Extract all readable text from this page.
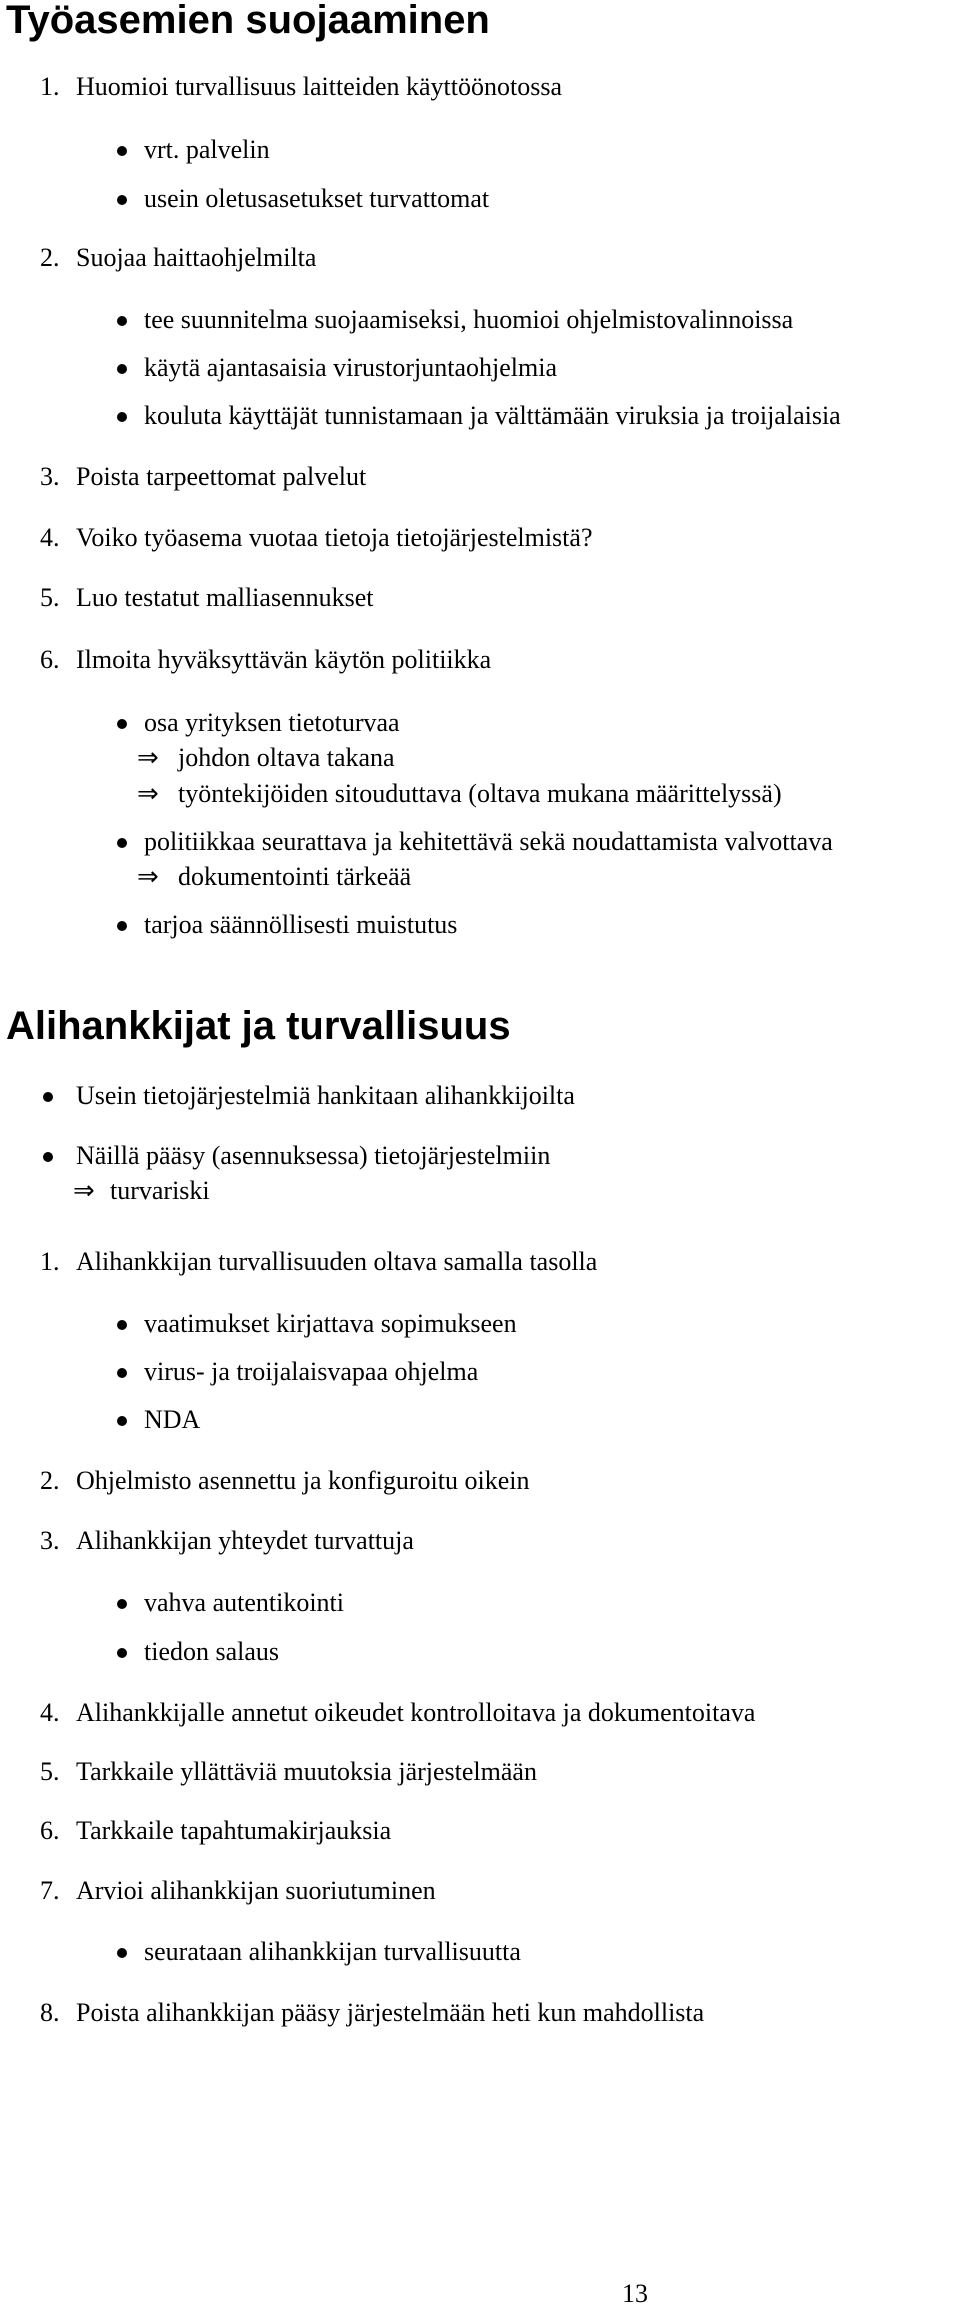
Työasemien suojaaminen
1. Huomioi turvallisuus laitteiden käyttöönotossa
vrt. palvelin
usein oletusasetukset turvattomat
2. Suojaa haittaohjelmilta
tee suunnitelma suojaamiseksi, huomioi ohjelmistovalinnoissa
käytä ajantasaisia virustorjuntaohjelmia
kouluta käyttäjät tunnistamaan ja välttämään viruksia ja troijalaisia
3. Poista tarpeettomat palvelut
4. Voiko työasema vuotaa tietoja tietojärjestelmistä?
5. Luo testatut malliasennukset
6. Ilmoita hyväksyttävän käytön politiikka
osa yrityksen tietoturvaa
⇒ johdon oltava takana
⇒ työntekijöiden sitouduttava (oltava mukana määrittelyssä)
politiikkaa seurattava ja kehitettävä sekä noudattamista valvottava
⇒ dokumentointi tärkeää
tarjoa säännöllisesti muistutus
Alihankkijat ja turvallisuus
Usein tietojärjestelmiä hankitaan alihankkijoilta
Näillä pääsy (asennuksessa) tietojärjestelmiin
⇒ turvariski
1. Alihankkijan turvallisuuden oltava samalla tasolla
vaatimukset kirjattava sopimukseen
virus- ja troijalaisvapaa ohjelma
NDA
2. Ohjelmisto asennettu ja konfiguroitu oikein
3. Alihankkijan yhteydet turvattuja
vahva autentikointi
tiedon salaus
4. Alihankkijalle annetut oikeudet kontrolloitava ja dokumentoitava
5. Tarkkaile yllättäviä muutoksia järjestelmään
6. Tarkkaile tapahtumakirjauksia
7. Arvioi alihankkijan suoriutuminen
seurataan alihankkijan turvallisuutta
8. Poista alihankkijan pääsy järjestelmään heti kun mahdollista
13
